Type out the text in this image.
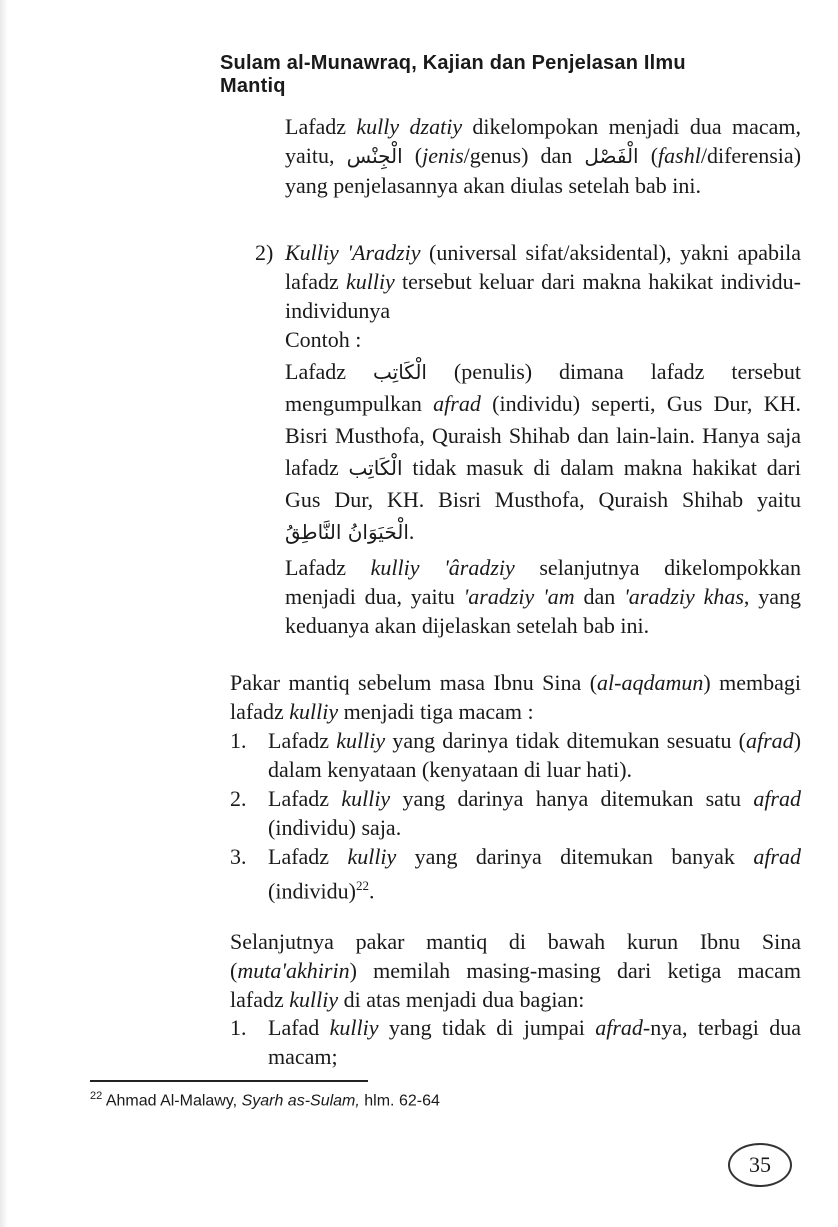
Sulam al-Munawraq, Kajian dan Penjelasan Ilmu Mantiq

Lafadz kully dzatiy dikelompokan menjadi dua macam, yaitu, الْجِنْس (jenis/genus) dan الْفَصْل (fashl/diferensia) yang penjelasannya akan diulas setelah bab ini.

2) Kulliy 'Aradziy (universal sifat/aksidental), yakni apabila lafadz kulliy tersebut keluar dari makna hakikat individu-individunya

Contoh :

Lafadz الْكَاتِب (penulis) dimana lafadz tersebut mengumpulkan afrad (individu) seperti, Gus Dur, KH. Bisri Musthofa, Quraish Shihab dan lain-lain. Hanya saja lafadz الْكَاتِب tidak masuk di dalam makna hakikat dari Gus Dur, KH. Bisri Musthofa, Quraish Shihab yaitu الْحَيَوَانُ النَّاطِقُ.

Lafadz kulliy 'âradziy selanjutnya dikelompokkan menjadi dua, yaitu 'aradziy 'am dan 'aradziy khas, yang keduanya akan dijelaskan setelah bab ini.

Pakar mantiq sebelum masa Ibnu Sina (al-aqdamun) membagi lafadz kulliy menjadi tiga macam :

1. Lafadz kulliy yang darinya tidak ditemukan sesuatu (afrad) dalam kenyataan (kenyataan di luar hati).
2. Lafadz kulliy yang darinya hanya ditemukan satu afrad (individu) saja.
3. Lafadz kulliy yang darinya ditemukan banyak afrad (individu)$^{22}$.

Selanjutnya pakar mantiq di bawah kurun Ibnu Sina (muta'akhirin) memilah masing-masing dari ketiga macam lafadz kulliy di atas menjadi dua bagian:

1. Lafad kulliy yang tidak di jumpai afrad-nya, terbagi dua macam;
$^{22}$ Ahmad Al-Malawy, Syarh as-Sulam, hlm. 62-64
35
